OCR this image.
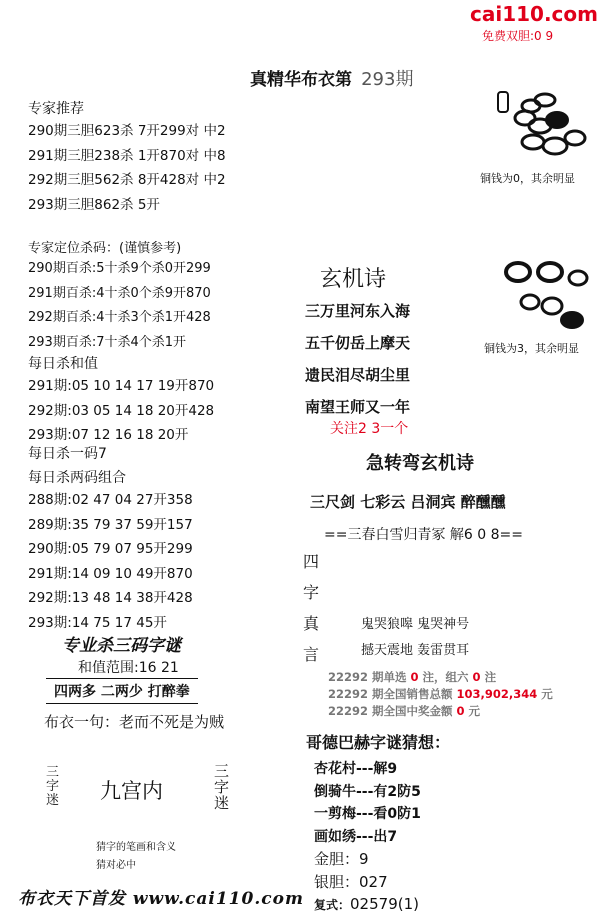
cai110.com
免费双胆:0 9
真精华布衣第 293期
专家推荐
290期三胆623杀 7开299对 中2
291期三胆238杀 1开870对 中8
292期三胆562杀 8开428对 中2
293期三胆862杀 5开
专家定位杀码：(谨慎参考)
290期百杀:5十杀9个杀0开299
291期百杀:4十杀0个杀9开870
292期百杀:4十杀3个杀1开428
293期百杀:7十杀4个杀1开
每日杀和值
291期:05 10 14 17 19开870
292期:03 05 14 18 20开428
293期:07 12 16 18 20开
每日杀一码7
每日杀两码组合
288期:02 47 04 27开358
289期:35 79 37 59开157
290期:05 79 07 95开299
291期:14 09 10 49开870
292期:13 48 14 38开428
293期:14 75 17 45开
专业杀三码字谜
和值范围:16 21
四两多 二两少 打醉拳
布衣一句：老而不死是为贼
三
字
迷 九宫内
三
字
迷
猜字的笔画和含义
猜对必中
布衣天下首发 www.cai110.com
铜钱为0，其余明显
铜钱为3，其余明显
玄机诗
三万里河东入海
五千仞岳上摩天
遗民泪尽胡尘里
南望王师又一年
关注2 3一个
急转弯玄机诗
三尺剑 七彩云 吕洞宾 醉醺醺
==三春白雪归青冢 解6 0 8==
四
字
真
言
鬼哭狼嗥 鬼哭神号
撼天震地 轰雷贯耳
22292 期单选 0 注，组六 0 注
22292 期全国销售总额 103,902,344 元
22292 期全国中奖金额 0 元
哥德巴赫字谜猜想：
杏花村---解9
倒骑牛---有2防5
一剪梅---看0防1
画如绣---出7
金胆：9
银胆：027
复式：02579(1)
